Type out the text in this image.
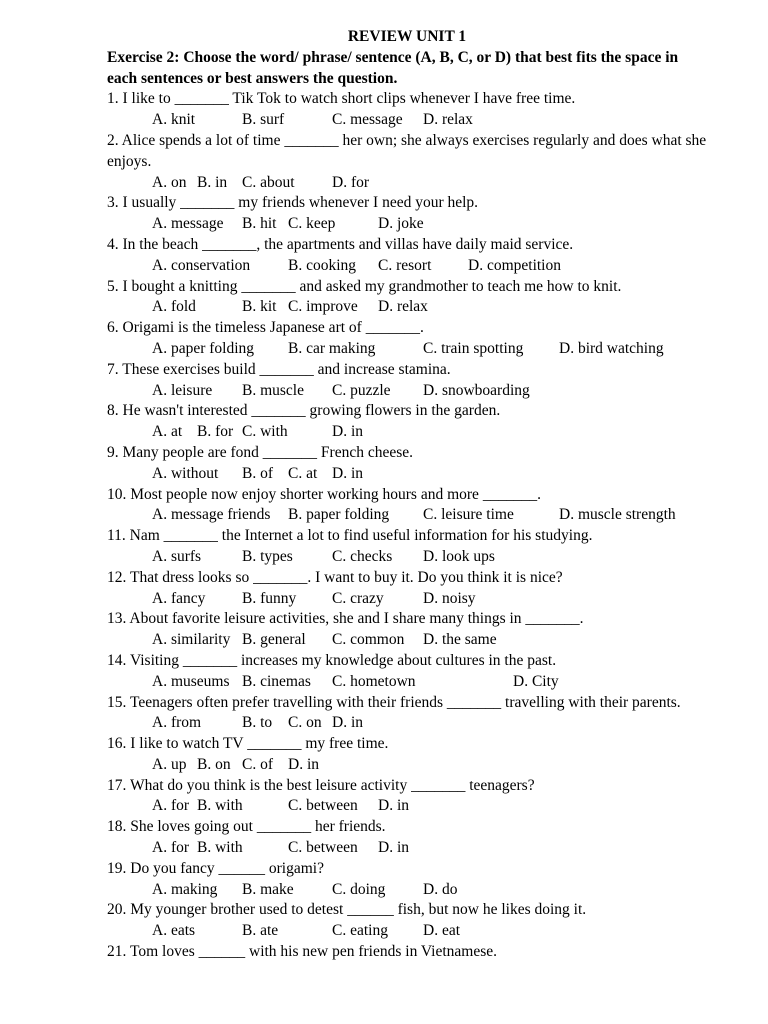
REVIEW UNIT 1
Exercise 2: Choose the word/ phrase/ sentence (A, B, C, or D) that best fits the space in each sentences or best answers the question.
1. I like to _______ Tik Tok to watch short clips whenever I have free time.
A. knit	B. surf	C. message D. relax
2. Alice spends a lot of time _______ her own; she always exercises regularly and does what she enjoys.
A. on B. in C. about D. for
3. I usually _______ my friends whenever I need your help.
A. message B. hit C. keep	D. joke
4. In the beach _______, the apartments and villas have daily maid service.
A. conservation B. cooking C. resort D. competition
5. I bought a knitting _______ and asked my grandmother to teach me how to knit.
A. fold	B. kit C. improve D. relax
6. Origami is the timeless Japanese art of _______.
A. paper folding B. car making	C. train spotting D. bird watching
7. These exercises build _______ and increase stamina.
A. leisure B. muscle C. puzzle D. snowboarding
8. He wasn't interested _______ growing flowers in the garden.
A. at B. for C. with	D. in
9. Many people are fond _______ French cheese.
A. without B. of C. at D. in
10. Most people now enjoy shorter working hours and more _______.
A. message friends B. paper folding C. leisure time	D. muscle strength
11. Nam _______ the Internet a lot to find useful information for his studying.
A. surfs	B. types	C. checks D. look ups
12. That dress looks so _______. I want to buy it. Do you think it is nice?
A. fancy B. funny C. crazy	D. noisy
13. About favorite leisure activities, she and I share many things in _______.
A. similarity B. general C. common D. the same
14. Visiting _______ increases my knowledge about cultures in the past.
A. museums B. cinemas C. hometown	D. City
15. Teenagers often prefer travelling with their friends _______ travelling with their parents.
A. from	B. to C. on D. in
16. I like to watch TV _______ my free time.
A. up B. on C. of D. in
17. What do you think is the best leisure activity _______ teenagers?
A. for B. with	C. between D. in
18. She loves going out _______ her friends.
A. for B. with	C. between D. in
19. Do you fancy ______ origami?
A. making B. make C. doing D. do
20. My younger brother used to detest ______ fish, but now he likes doing it.
A. eats	B. ate	C. eating D. eat
21. Tom loves ______ with his new pen friends in Vietnamese.
